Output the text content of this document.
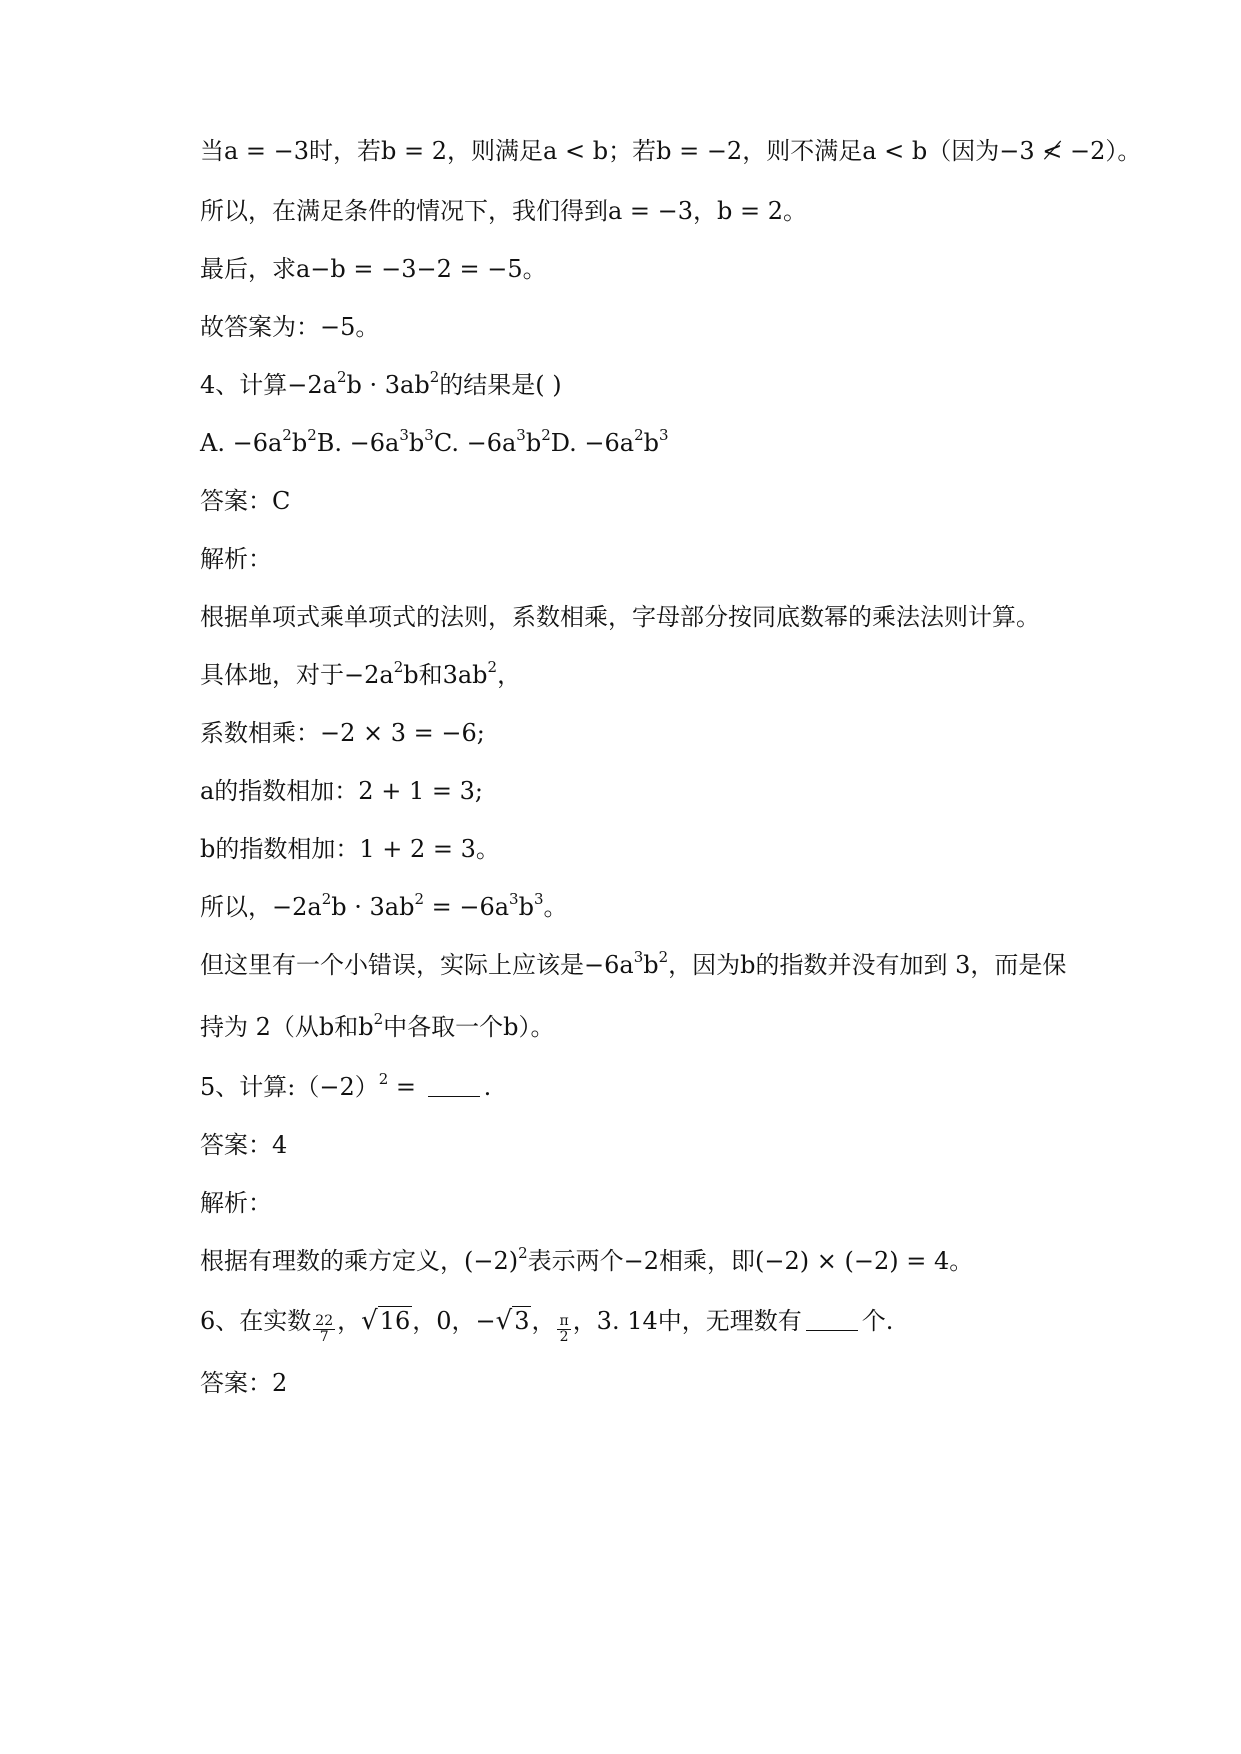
当a = −3时，若b = 2，则满足a < b；若b = −2，则不满足a < b（因为−3 ≮ −2）。

所以，在满足条件的情况下，我们得到a = −3，b = 2。

最后，求a−b = −3−2 = −5。

故答案为：−5。

4、计算$-2a^2b \cdot 3ab^2$的结果是( )

A. $-6a^2b^2B$. $-6a^3b^3C$. $-6a^3b^2D$. $-6a^2b^3$

答案：C

解析：

根据单项式乘单项式的法则，系数相乘，字母部分按同底数幂的乘法法则计算。

具体地，对于$-2a^2b$和$3ab^2$，

系数相乘：−2 × 3 = −6;

a的指数相加：2 + 1 = 3;

b的指数相加：1 + 2 = 3。

所以，$-2a^2b \cdot 3ab^2 = -6a^3b^3$。

但这里有一个小错误，实际上应该是$-6a^3b^2$，因为b的指数并没有加到 3，而是保

持为 2（从b和$b^2$中各取一个b）。

5、计算$:(-2)^2$ =	.

答案：4

解析：

根据有理数的乘方定义，$(-2)^2$表示两个−2相乘，即(−2) × (−2) = 4。

6、在实数 $\frac{22}{7}$ ，√16，0，−√3， $\frac{\pi}{2}$ ，3. 14中，无理数有	个.

答案：2
